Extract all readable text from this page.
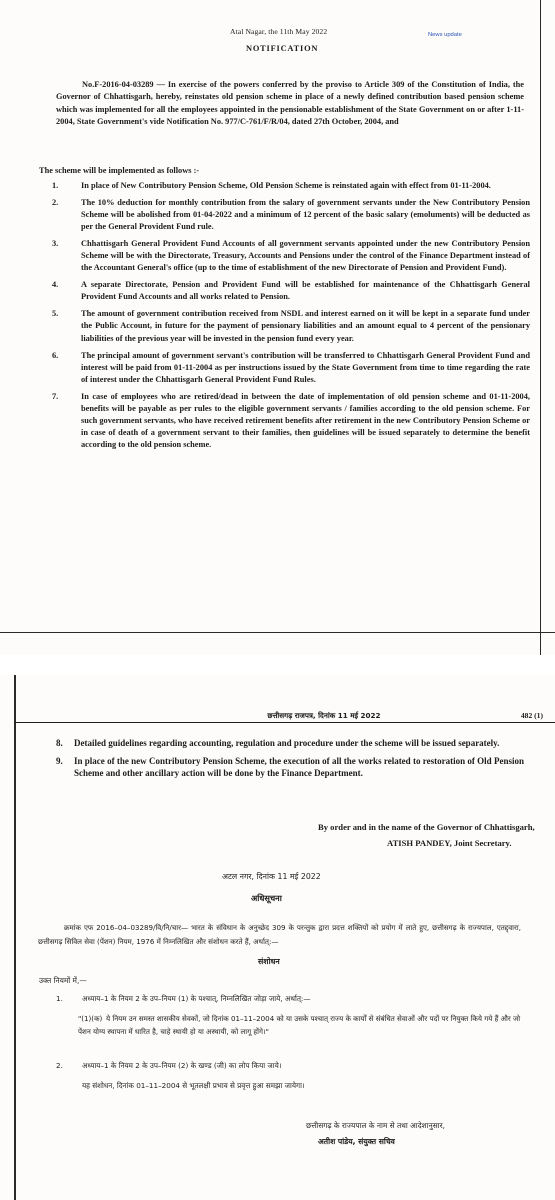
Atal Nagar, the 11th May 2022	News update
NOTIFICATION

No.F-2016-04-03289 — In exercise of the powers conferred by the proviso to Article 309 of the Constitution of India, the Governor of Chhattisgarh, hereby, reinstates old pension scheme in place of a newly defined contribution based pension scheme which was implemented for all the employees appointed in the pensionable establishment of the State Government on or after 1-11-2004, State Government's vide Notification No. 977/C-761/F/R/04, dated 27th October, 2004, and

The scheme will be implemented as follows :-
1.	In place of New Contributory Pension Scheme, Old Pension Scheme is reinstated again with effect from 01-11-2004.
2.	The 10% deduction for monthly contribution from the salary of government servants under the New Contributory Pension Scheme will be abolished from 01-04-2022 and a minimum of 12 percent of the basic salary (emoluments) will be deducted as per the General Provident Fund rule.
3.	Chhattisgarh General Provident Fund Accounts of all government servants appointed under the new Contributory Pension Scheme will be with the Directorate, Treasury, Accounts and Pensions under the control of the Finance Department instead of the Accountant General's office (up to the time of establishment of the new Directorate of Pension and Provident Fund).
4.	A separate Directorate, Pension and Provident Fund will be established for maintenance of the Chhattisgarh General Provident Fund Accounts and all works related to Pension.
5.	The amount of government contribution received from NSDL and interest earned on it will be kept in a separate fund under the Public Account, in future for the payment of pensionary liabilities and an amount equal to 4 percent of the pensionary liabilities of the previous year will be invested in the pension fund every year.
6.	The principal amount of government servant's contribution will be transferred to Chhattisgarh General Provident Fund and interest will be paid from 01-11-2004 as per instructions issued by the State Government from time to time regarding the rate of interest under the Chhattisgarh General Provident Fund Rules.
7.	In case of employees who are retired/dead in between the date of implementation of old pension scheme and 01-11-2004, benefits will be payable as per rules to the eligible government servants / families according to the old pension scheme. For such government servants, who have received retirement benefits after retirement in the new Contributory Pension Scheme or in case of death of a government servant to their families, then guidelines will be issued separately to determine the benefit according to the old pension scheme.
छत्तीसगढ़ राजपत्र, दिनांक 11 मई 2022	482 (1)
8. Detailed guidelines regarding accounting, regulation and procedure under the scheme will be issued separately.
9. In place of the new Contributory Pension Scheme, the execution of all the works related to restoration of Old Pension Scheme and other ancillary action will be done by the Finance Department.
By order and in the name of the Governor of Chhattisgarh,
ATISH PANDEY, Joint Secretary.
अटल नगर, दिनांक 11 मई 2022
अधिसूचना

क्रमांक एफ 2016–04–03289/वि/नि/चार— भारत के संविधान के अनुच्छेद 309 के परन्तुक द्वारा प्रदत्त शक्तियों को प्रयोग में लाते हुए, छत्तीसगढ़ के राज्यपाल, एतद्द्वारा, छत्तीसगढ़ सिविल सेवा (पेंशन) नियम, 1976 में निम्नलिखित और संशोधन करते हैं, अर्थात्:—

संशोधन
उक्त नियमों में,—
1.	अध्याय–1 के नियम 2 के उप–नियम (1) के पश्चात्, निम्नलिखित जोड़ा जाये, अर्थात्:—
"(1)(क) ये नियम उन समस्त शासकीय सेवकों, जो दिनांक 01–11–2004 को या उसके पश्चात् राज्य के कार्यों से संबंधित सेवाओं और पदों पर नियुक्त किये गये हैं और जो पेंशन योग्य स्थापना में धारित है, चाहे स्थायी हो या अस्थायी, को लागू होंगे।"
2.	अध्याय–1 के नियम 2 के उप–नियम (2) के खण्ड (जी) का लोप किया जाये।
यह संशोधन, दिनांक 01–11–2004 से भूतलक्षी प्रभाव से प्रवृत्त हुआ समझा जायेगा।
छत्तीसगढ़ के राज्यपाल के नाम से तथा आदेशानुसार,
अतीश पांडेय, संयुक्त सचिव
